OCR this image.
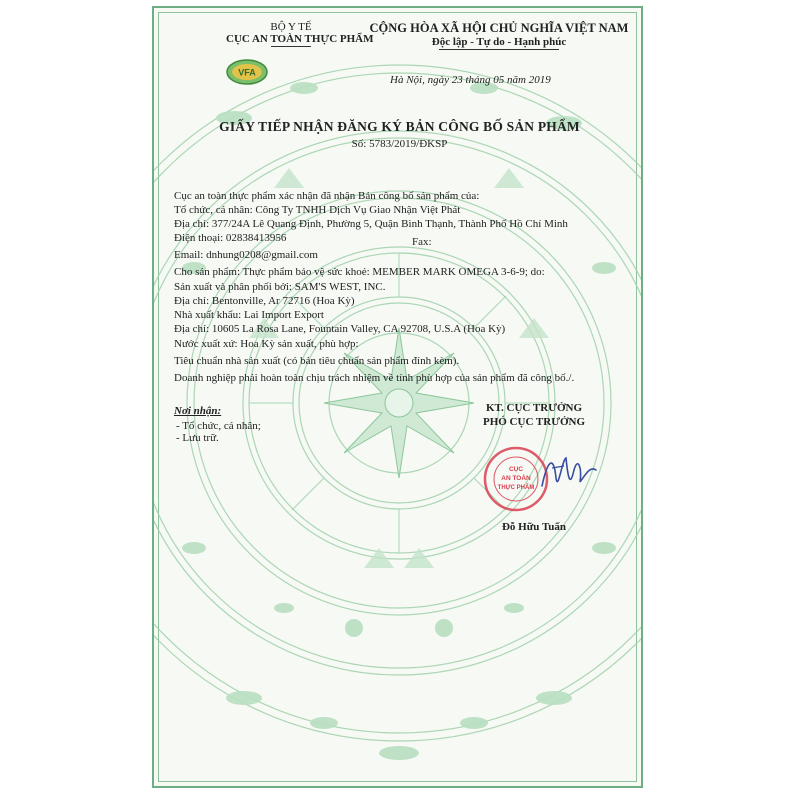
BỘ Y TẾ
CỤC AN TOÀN THỰC PHẨM
VFA
CỘNG HÒA XÃ HỘI CHỦ NGHĨA VIỆT NAM
Độc lập - Tự do - Hạnh phúc
Hà Nội, ngày 23 tháng 05 năm 2019
GIẤY TIẾP NHẬN ĐĂNG KÝ BẢN CÔNG BỐ SẢN PHẨM
Số: 5783/2019/ĐKSP
Cục an toàn thực phẩm xác nhận đã nhận Bản công bố sản phẩm của:
Tổ chức, cá nhân: Công Ty TNHH Dịch Vụ Giao Nhận Việt Phát
Địa chỉ: 377/24A Lê Quang Định, Phường 5, Quận Bình Thạnh, Thành Phố Hồ Chí Minh
Điện thoại: 02838413956	Fax:
Email: dnhung0208@gmail.com
Cho sản phẩm: Thực phẩm bảo vệ sức khoẻ: MEMBER MARK OMEGA 3-6-9; do:
Sản xuất và phân phối bởi: SAM'S WEST, INC.
Địa chỉ: Bentonville, Ar 72716 (Hoa Kỳ)
Nhà xuất khẩu: Lai Import Export
Địa chỉ: 10605 La Rosa Lane, Fountain Valley, CA 92708, U.S.A (Hoa Kỳ)
Nước xuất xứ: Hoa Kỳ sản xuất, phù hợp:
Tiêu chuẩn nhà sản xuất (có bản tiêu chuẩn sản phẩm đính kèm).
Doanh nghiệp phải hoàn toàn chịu trách nhiệm về tính phù hợp của sản phẩm đã công bố./.
Nơi nhận:
- Tổ chức, cá nhân;
- Lưu trữ.
KT. CỤC TRƯỞNG
PHÓ CỤC TRƯỞNG
CỤC
AN TOÀN
THỰC PHẨM
Đỗ Hữu Tuấn
